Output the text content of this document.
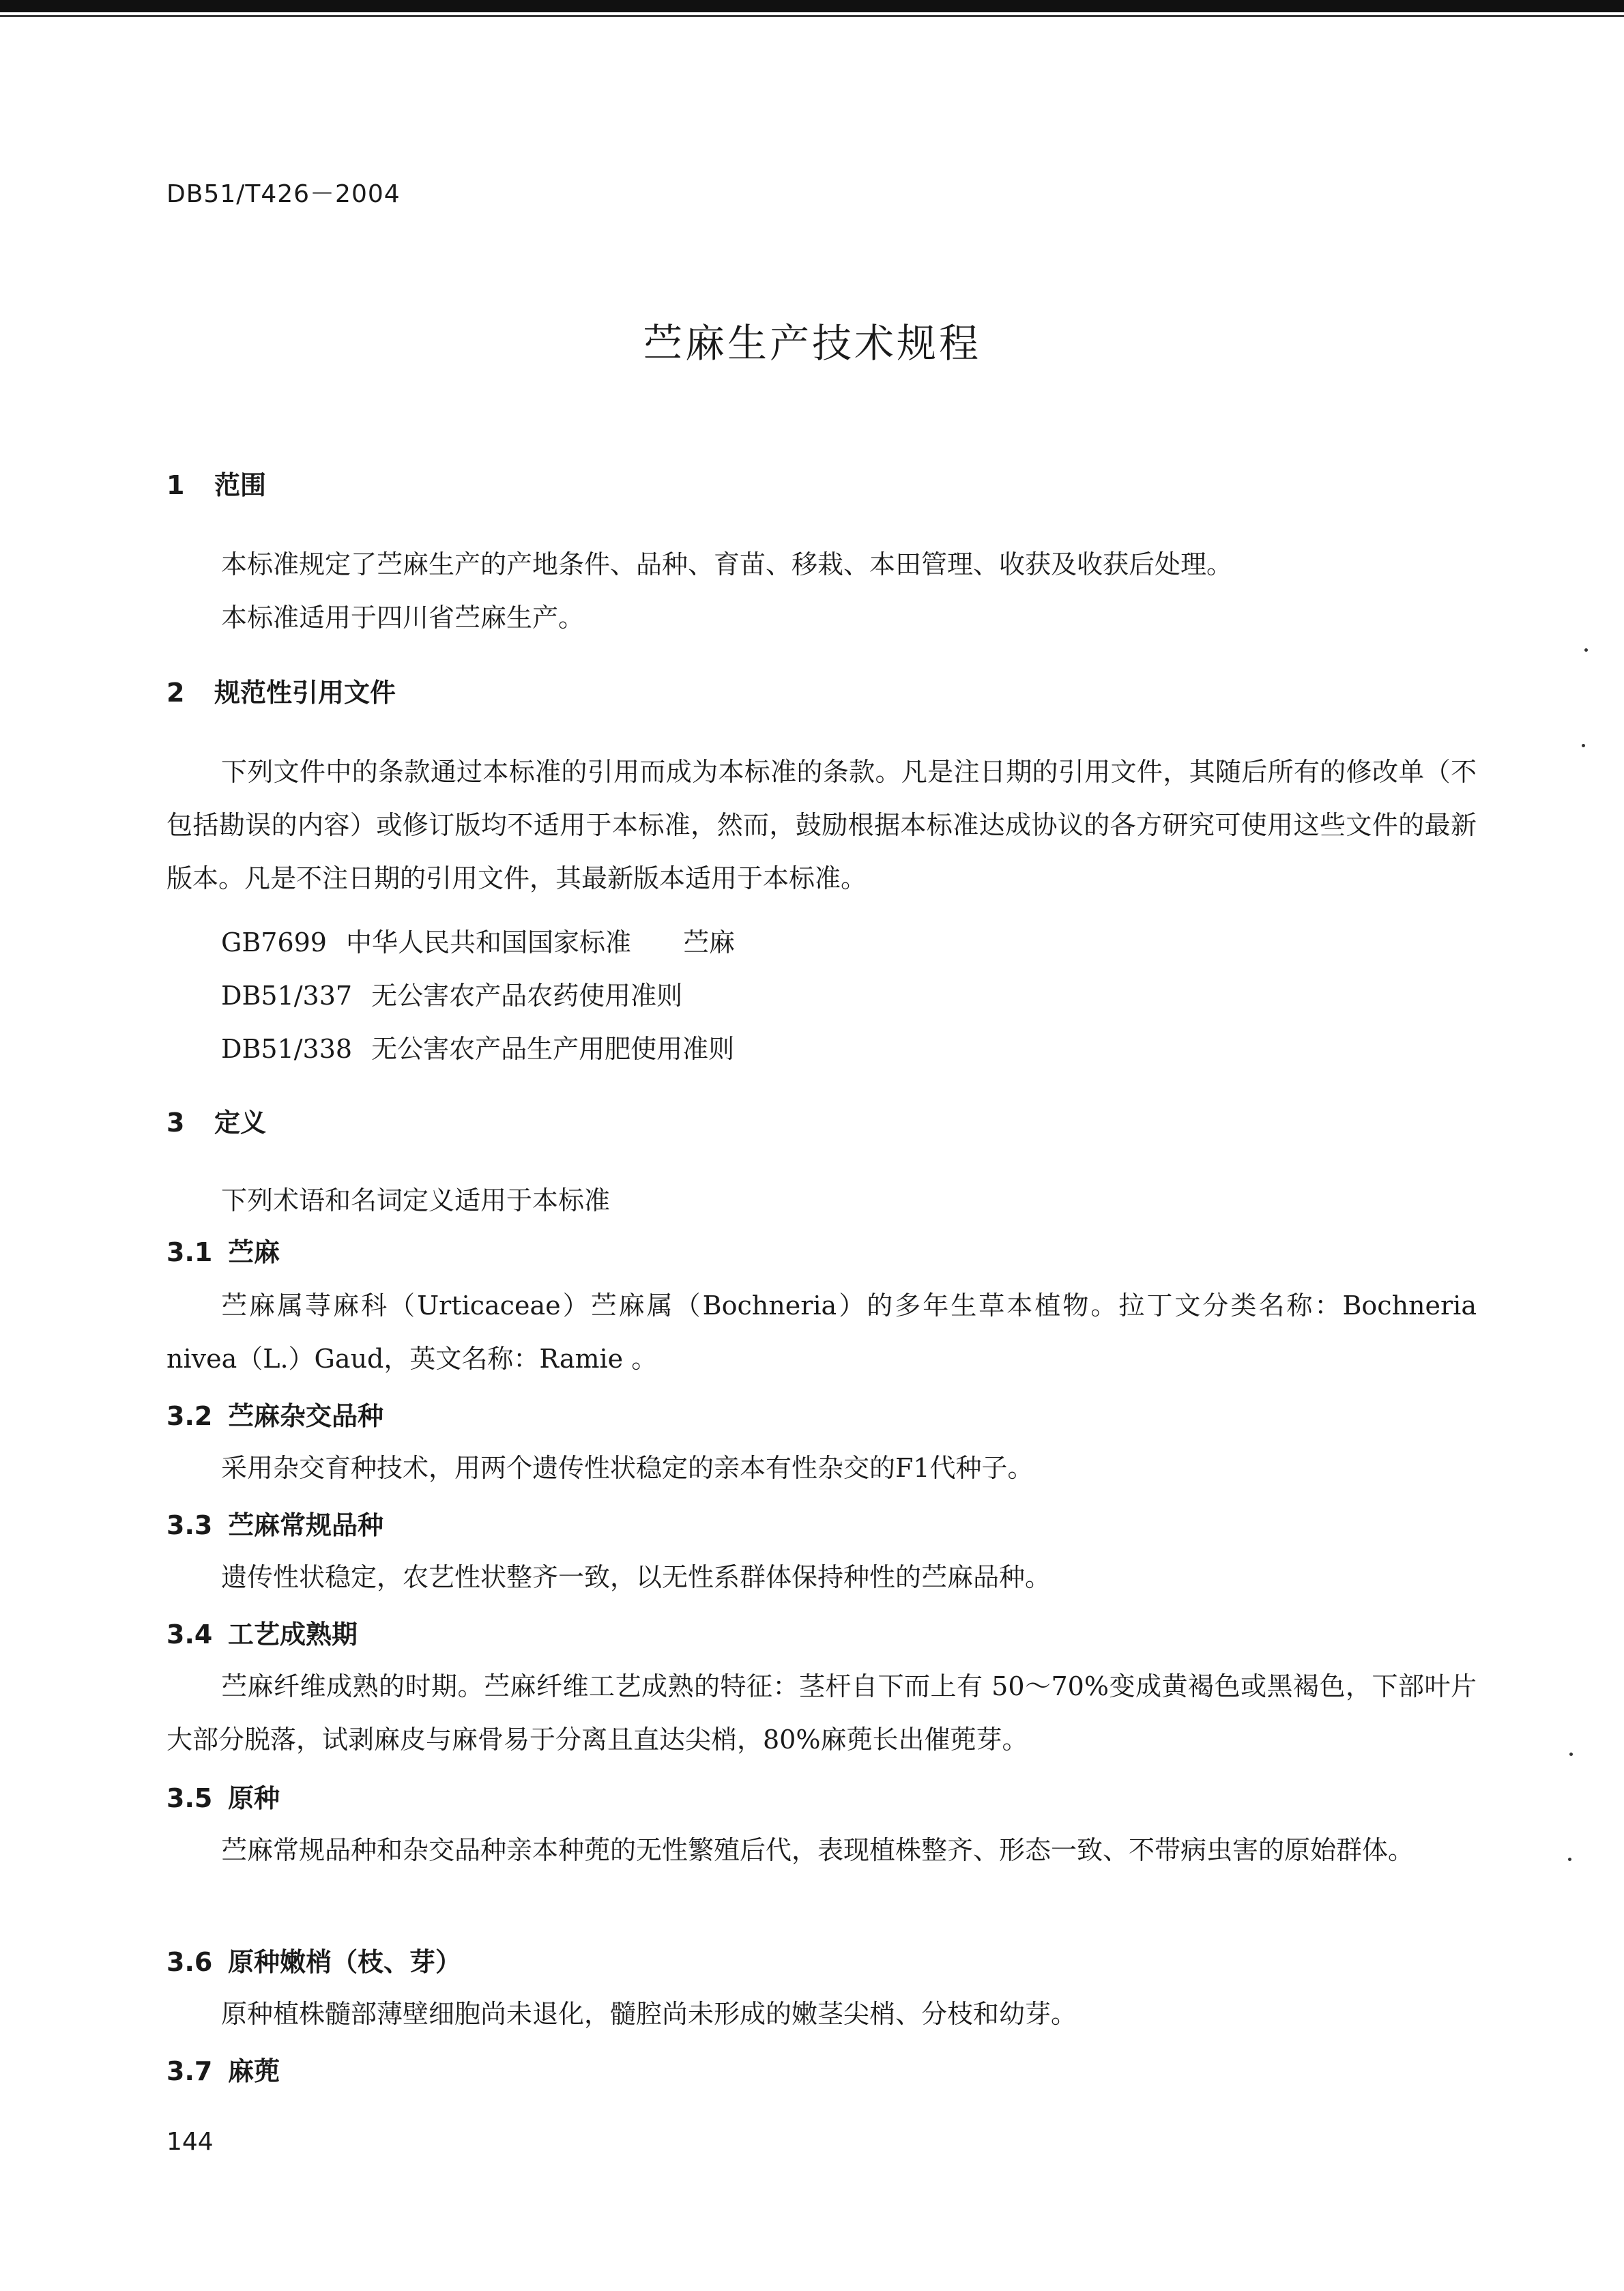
DB51/T426－2004
苎麻生产技术规程
1 范围
本标准规定了苎麻生产的产地条件、品种、育苗、移栽、本田管理、收获及收获后处理。
本标准适用于四川省苎麻生产。
2 规范性引用文件
下列文件中的条款通过本标准的引用而成为本标准的条款。凡是注日期的引用文件，其随后所有的修改单（不包括勘误的内容）或修订版均不适用于本标准，然而，鼓励根据本标准达成协议的各方研究可使用这些文件的最新版本。凡是不注日期的引用文件，其最新版本适用于本标准。
GB7699 中华人民共和国国家标准　　苎麻
DB51/337 无公害农产品农药使用准则
DB51/338 无公害农产品生产用肥使用准则
3 定义
下列术语和名词定义适用于本标准
3.1 苎麻
苎麻属荨麻科（Urticaceae）苎麻属（Bochneria）的多年生草本植物。拉丁文分类名称：Bochneria nivea（L.）Gaud，英文名称：Ramie 。
3.2 苎麻杂交品种
采用杂交育种技术，用两个遗传性状稳定的亲本有性杂交的F1代种子。
3.3 苎麻常规品种
遗传性状稳定，农艺性状整齐一致，以无性系群体保持种性的苎麻品种。
3.4 工艺成熟期
苎麻纤维成熟的时期。苎麻纤维工艺成熟的特征：茎杆自下而上有 50～70%变成黄褐色或黑褐色，下部叶片大部分脱落，试剥麻皮与麻骨易于分离且直达尖梢，80%麻蔸长出催蔸芽。
3.5 原种
苎麻常规品种和杂交品种亲本种蔸的无性繁殖后代，表现植株整齐、形态一致、不带病虫害的原始群体。
3.6 原种嫩梢（枝、芽）
原种植株髓部薄壁细胞尚未退化，髓腔尚未形成的嫩茎尖梢、分枝和幼芽。
3.7 麻蔸
144
